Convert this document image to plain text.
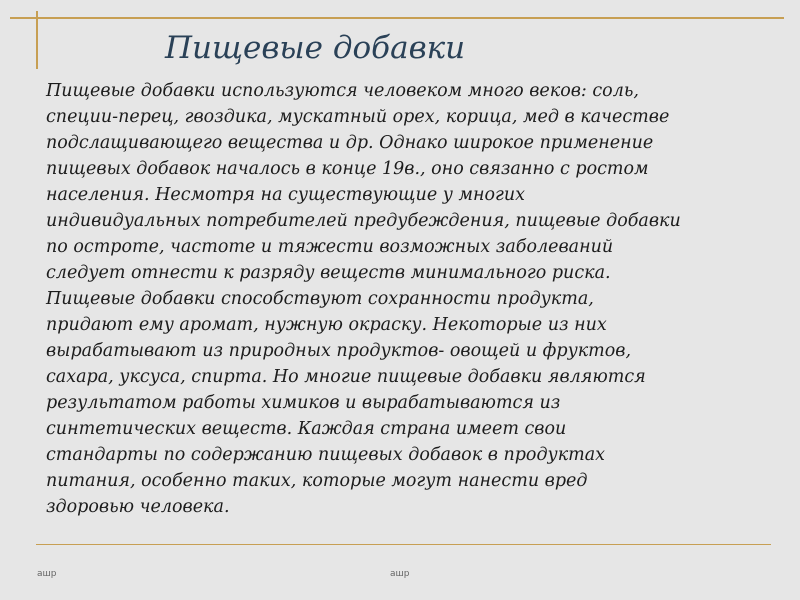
Пищевые добавки
Пищевые добавки используются человеком много веков: соль,
специи-перец, гвоздика, мускатный орех, корица, мед в качестве
подслащивающего вещества и др. Однако широкое применение
пищевых добавок началось в конце 19в., оно связанно с ростом
населения. Несмотря на существующие у многих
индивидуальных потребителей предубеждения, пищевые добавки
по остроте, частоте и тяжести возможных заболеваний
следует отнести к разряду веществ минимального риска.
Пищевые добавки способствуют сохранности продукта,
придают ему аромат, нужную окраску. Некоторые из них
вырабатывают из природных продуктов- овощей и фруктов,
сахара, уксуса, спирта. Но многие пищевые добавки являются
результатом работы химиков и вырабатываются из
синтетических веществ. Каждая страна имеет свои
стандарты по содержанию пищевых добавок в продуктах
питания, особенно таких, которые могут нанести вред
здоровью человека.

ашр	ашр
